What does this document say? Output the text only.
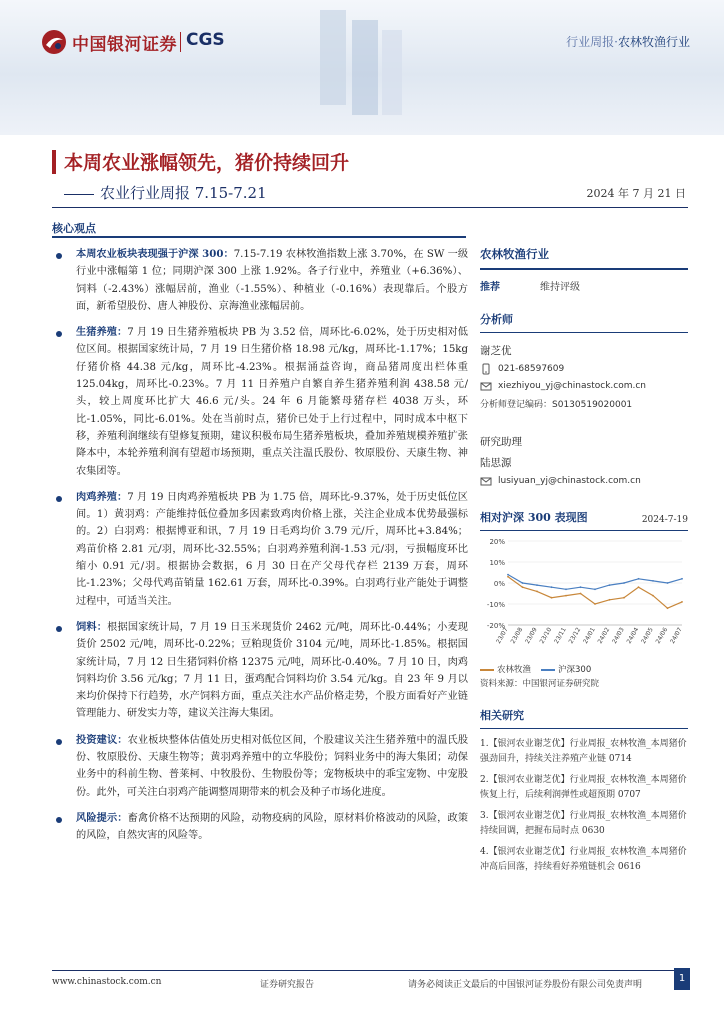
中国银河证券 CGS	行业周报·农林牧渔行业
本周农业涨幅领先，猪价持续回升
农业行业周报 7.15-7.21	2024 年 7 月 21 日
核心观点
本周农业板块表现强于沪深 300：7.15-7.19 农林牧渔指数上涨 3.70%，在 SW 一级行业中涨幅第 1 位；同期沪深 300 上涨 1.92%。各子行业中，养殖业（+6.36%）、饲料（-2.43%）涨幅居前，渔业（-1.55%）、种植业（-0.16%）表现靠后。个股方面，新希望股份、唐人神股份、京海渔业涨幅居前。
生猪养殖：7 月 19 日生猪养殖板块 PB 为 3.52 倍，周环比-6.02%，处于历史相对低位区间。根据国家统计局，7 月 19 日生猪价格 18.98 元/kg，周环比-1.17%；15kg 仔猪价格 44.38 元/kg，周环比-4.23%。根据涌益咨询，商品猪周度出栏体重 125.04kg，周环比-0.23%。7 月 11 日养殖户自繁自养生猪养殖利润 438.58 元/头，较上周度环比扩大 46.6 元/头。24 年 6 月能繁母猪存栏 4038 万头，环比-1.05%，同比-6.01%。处在当前时点，猪价已处于上行过程中，同时成本中枢下移，养殖利润继续有望修复预期，建议积极布局生猪养殖板块，叠加养殖规模养殖扩张降本中，本轮养殖利润有望超市场预期，重点关注温氏股份、牧原股份、天康生物、神农集团等。
肉鸡养殖：7 月 19 日肉鸡养殖板块 PB 为 1.75 倍，周环比-9.37%，处于历史低位区间。1）黄羽鸡：产能维持低位叠加多因素致鸡肉价格上涨，关注企业成本优势最强标的。2）白羽鸡：根据博亚和讯，7 月 19 日毛鸡均价 3.79 元/斤，周环比+3.84%；鸡苗价格 2.81 元/羽，周环比-32.55%；白羽鸡养殖利润-1.53 元/羽，亏损幅度环比缩小 0.91 元/羽。根据协会数据，6 月 30 日在产父母代存栏 2139 万套，周环比-1.23%；父母代鸡苗销量 162.61 万套，周环比-0.39%。白羽鸡行业产能处于调整过程中，可适当关注。
饲料：根据国家统计局，7 月 19 日玉米现货价 2462 元/吨，周环比-0.44%；小麦现货价 2502 元/吨，周环比-0.22%；豆粕现货价 3104 元/吨，周环比-1.85%。根据国家统计局，7 月 12 日生猪饲料价格 12375 元/吨，周环比-0.40%。7 月 10 日，肉鸡饲料均价 3.56 元/kg；7 月 11 日，蛋鸡配合饲料均价 3.54 元/kg。自 23 年 9 月以来均价保持下行趋势，水产饲料方面，重点关注水产品价格走势，个股方面看好产业链管理能力、研发实力等，建议关注海大集团。
投资建议：农业板块整体估值处历史相对低位区间，个股建议关注生猪养殖中的温氏股份、牧原股份、天康生物等；黄羽鸡养殖中的立华股份；饲料业务中的海大集团；动保业务中的科前生物、普莱柯、中牧股份、生物股份等；宠物板块中的乖宝宠物、中宠股份。此外，可关注白羽鸡产能调整周期带来的机会及种子市场化进度。
风险提示：畜禽价格不达预期的风险，动物疫病的风险，原材料价格波动的风险，政策的风险，自然灾害的风险等。
农林牧渔行业
推荐	维持评级
分析师
谢芝优
021-68597609
xiezhiyou_yj@chinastock.com.cn
分析师登记编码：S0130519020001
研究助理
陆思源
lusiyuan_yj@chinastock.com.cn
相对沪深 300 表现图	2024-7-19
20%
10%
0%
-10%
-20%
23/07 23/08 23/09 23/10 23/11 23/12 24/01 24/02 24/03 24/04 24/05 24/06 24/07
农林牧渔	沪深300
资料来源：中国银河证券研究院
相关研究
1.【银河农业谢芝优】行业周报_农林牧渔_本周猪价强劲回升，持续关注养殖产业链 0714
2.【银河农业谢芝优】行业周报_农林牧渔_本周猪价恢复上行，后续利润弹性或超预期 0707
3.【银河农业谢芝优】行业周报_农林牧渔_本周猪价持续回调，把握布局时点 0630
4.【银河农业谢芝优】行业周报_农林牧渔_本周猪价冲高后回落，持续看好养殖链机会 0616
www.chinastock.com.cn	证券研究报告	请务必阅读正文最后的中国银河证券股份有限公司免责声明
1
